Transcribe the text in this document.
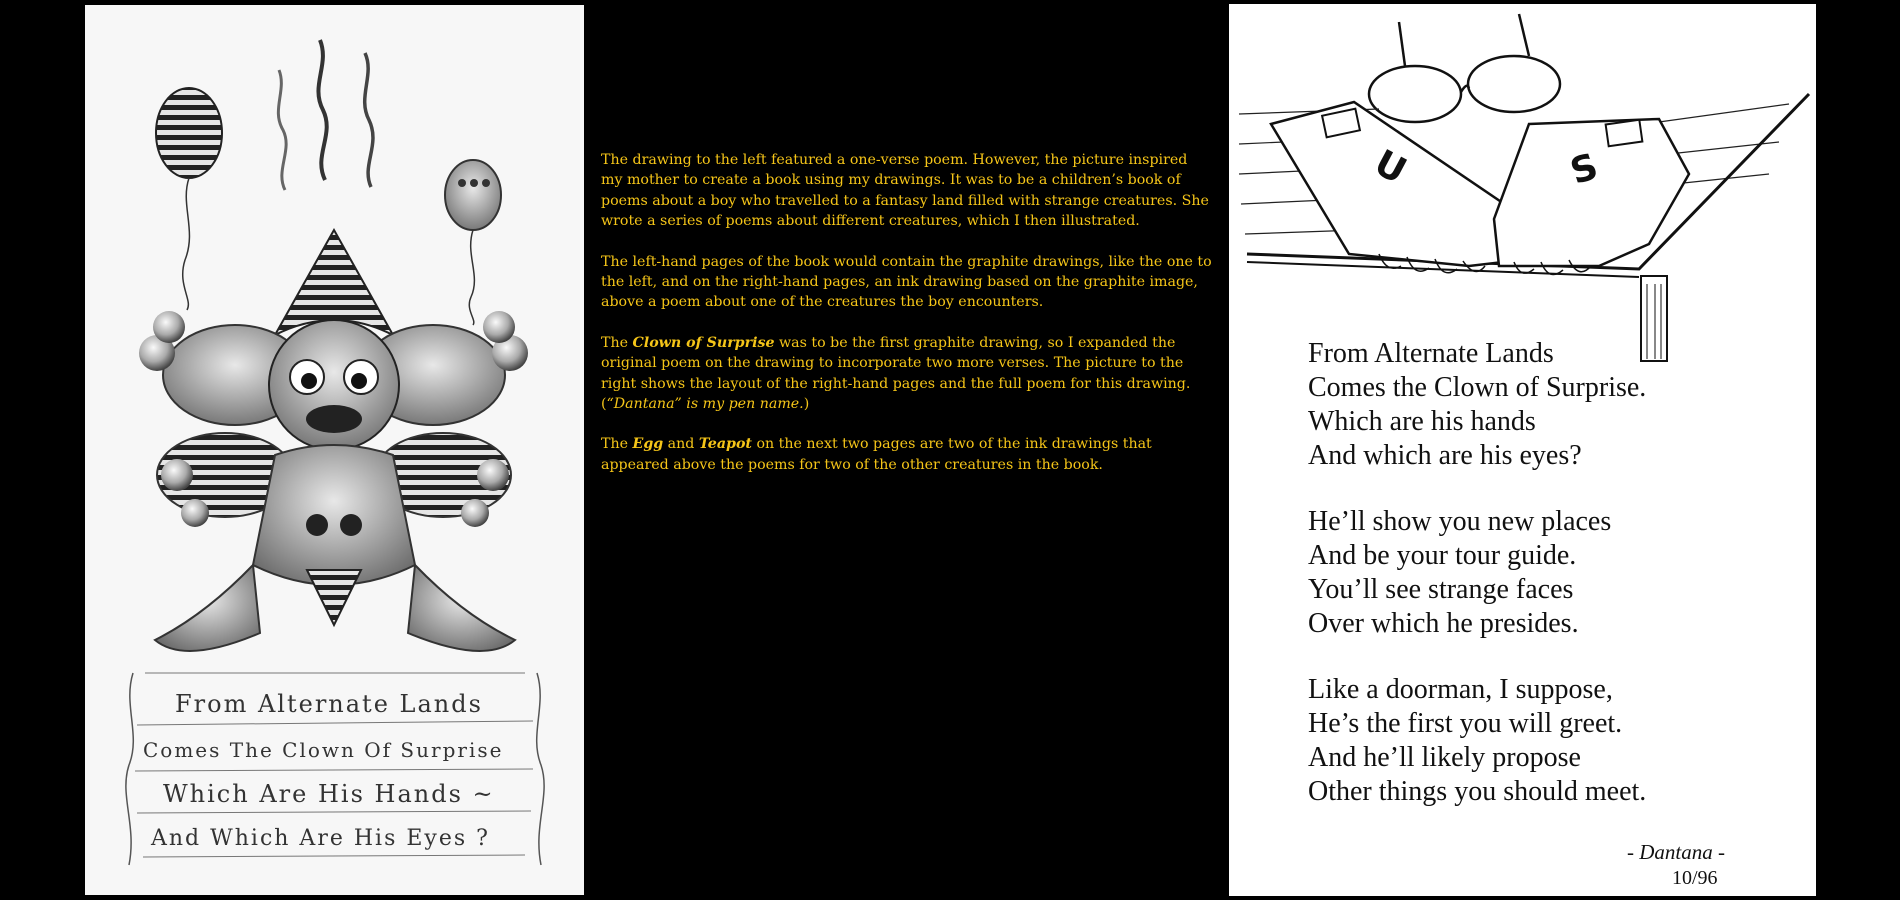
From Alternate Lands
Comes The Clown Of Surprise
Which Are His Hands ~
And Which Are His Eyes ?

The drawing to the left featured a one-verse poem. However, the picture inspired my mother to create a book using my drawings. It was to be a children’s book of poems about a boy who travelled to a fantasy land filled with strange creatures. She wrote a series of poems about different creatures, which I then illustrated.

The left-hand pages of the book would contain the graphite drawings, like the one to the left, and on the right-hand pages, an ink drawing based on the graphite image, above a poem about one of the creatures the boy encounters.

The Clown of Surprise was to be the first graphite drawing, so I expanded the original poem on the drawing to incorporate two more verses. The picture to the right shows the layout of the right-hand pages and the full poem for this drawing. (“Dantana” is my pen name.)

The Egg and Teapot on the next two pages are two of the ink drawings that appeared above the poems for two of the other creatures in the book.

U	S
From Alternate Lands
Comes the Clown of Surprise.
Which are his hands
And which are his eyes?
He’ll show you new places
And be your tour guide.
You’ll see strange faces
Over which he presides.
Like a doorman, I suppose,
He’s the first you will greet.
And he’ll likely propose
Other things you should meet.
- Dantana -
10/96
